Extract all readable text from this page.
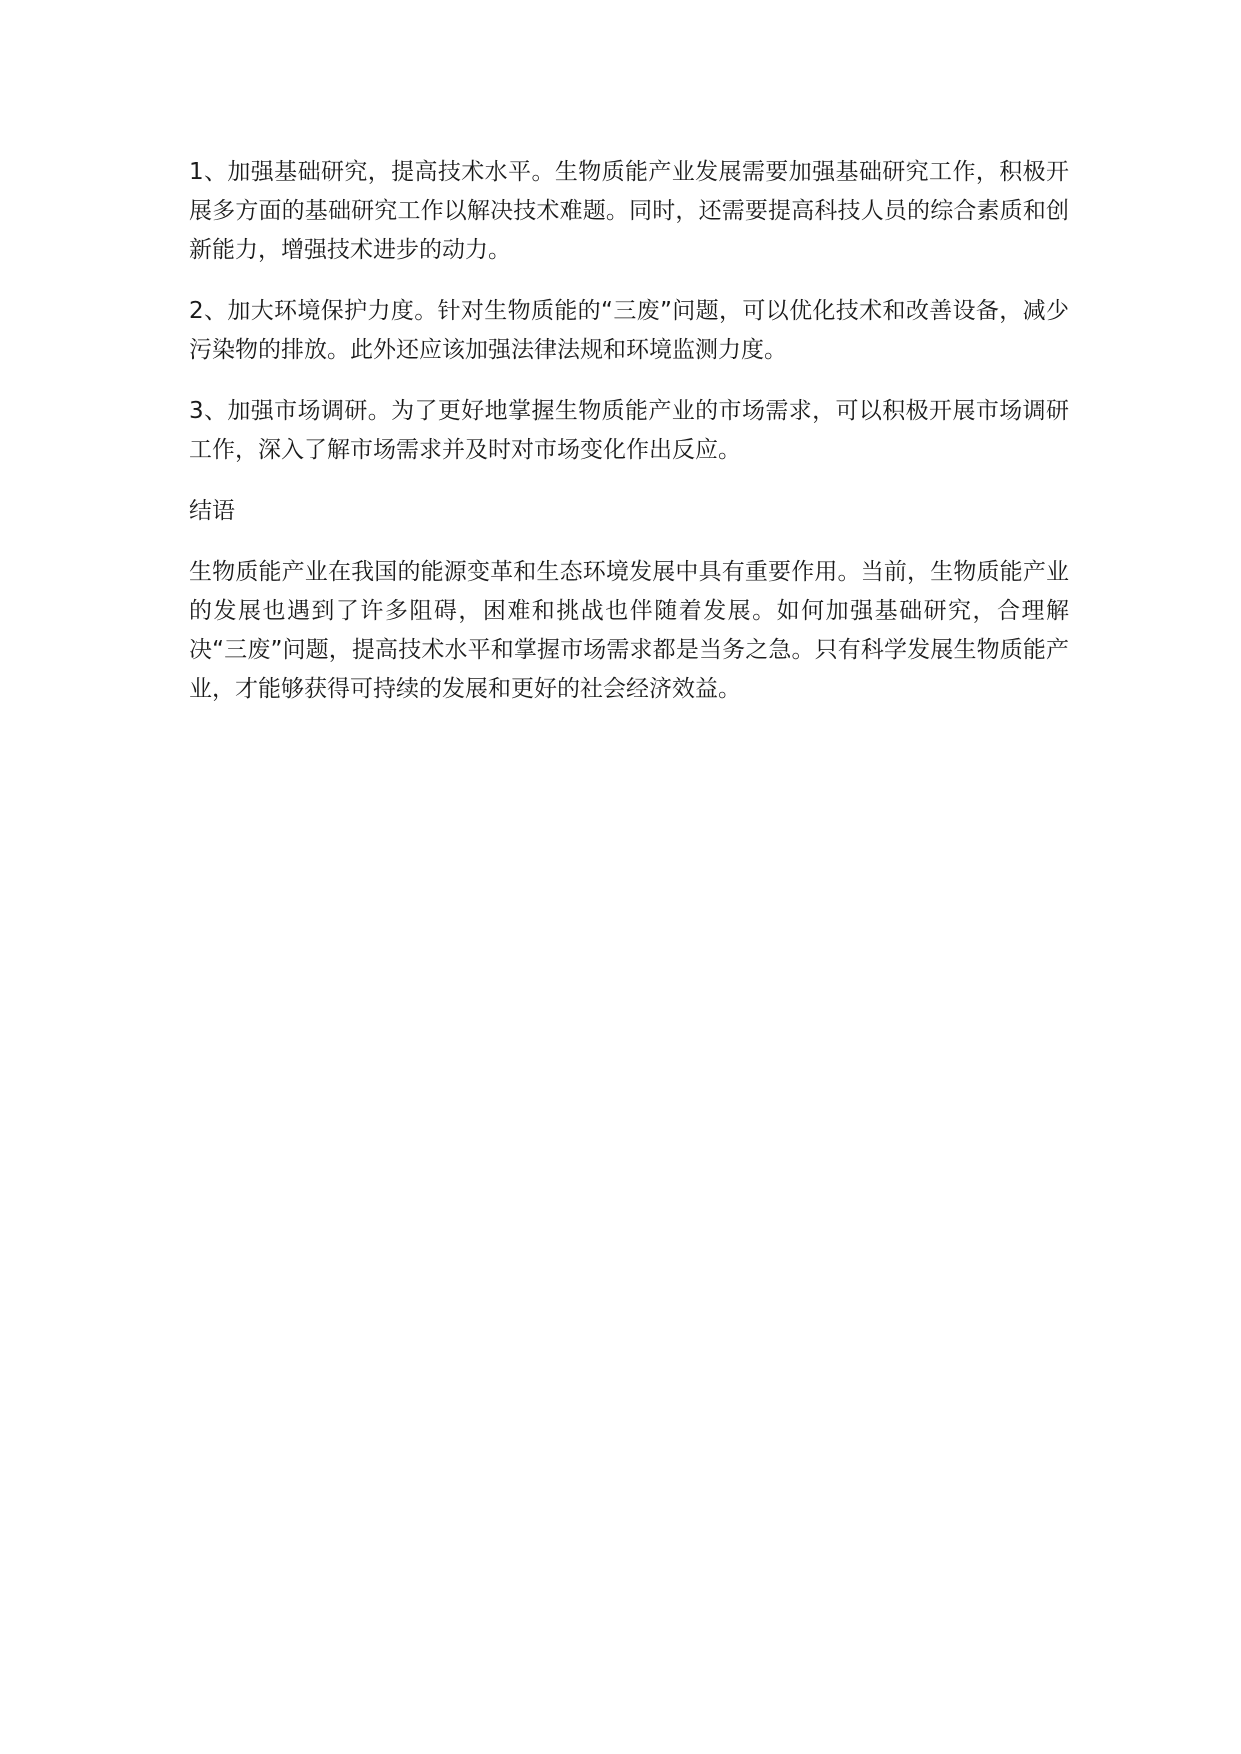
1、加强基础研究，提高技术水平。生物质能产业发展需要加强基础研究工作，积极开展多方面的基础研究工作以解决技术难题。同时，还需要提高科技人员的综合素质和创新能力，增强技术进步的动力。

2、加大环境保护力度。针对生物质能的“三废”问题，可以优化技术和改善设备，减少污染物的排放。此外还应该加强法律法规和环境监测力度。

3、加强市场调研。为了更好地掌握生物质能产业的市场需求，可以积极开展市场调研工作，深入了解市场需求并及时对市场变化作出反应。

结语

生物质能产业在我国的能源变革和生态环境发展中具有重要作用。当前，生物质能产业的发展也遇到了许多阻碍，困难和挑战也伴随着发展。如何加强基础研究，合理解决“三废”问题，提高技术水平和掌握市场需求都是当务之急。只有科学发展生物质能产业，才能够获得可持续的发展和更好的社会经济效益。
